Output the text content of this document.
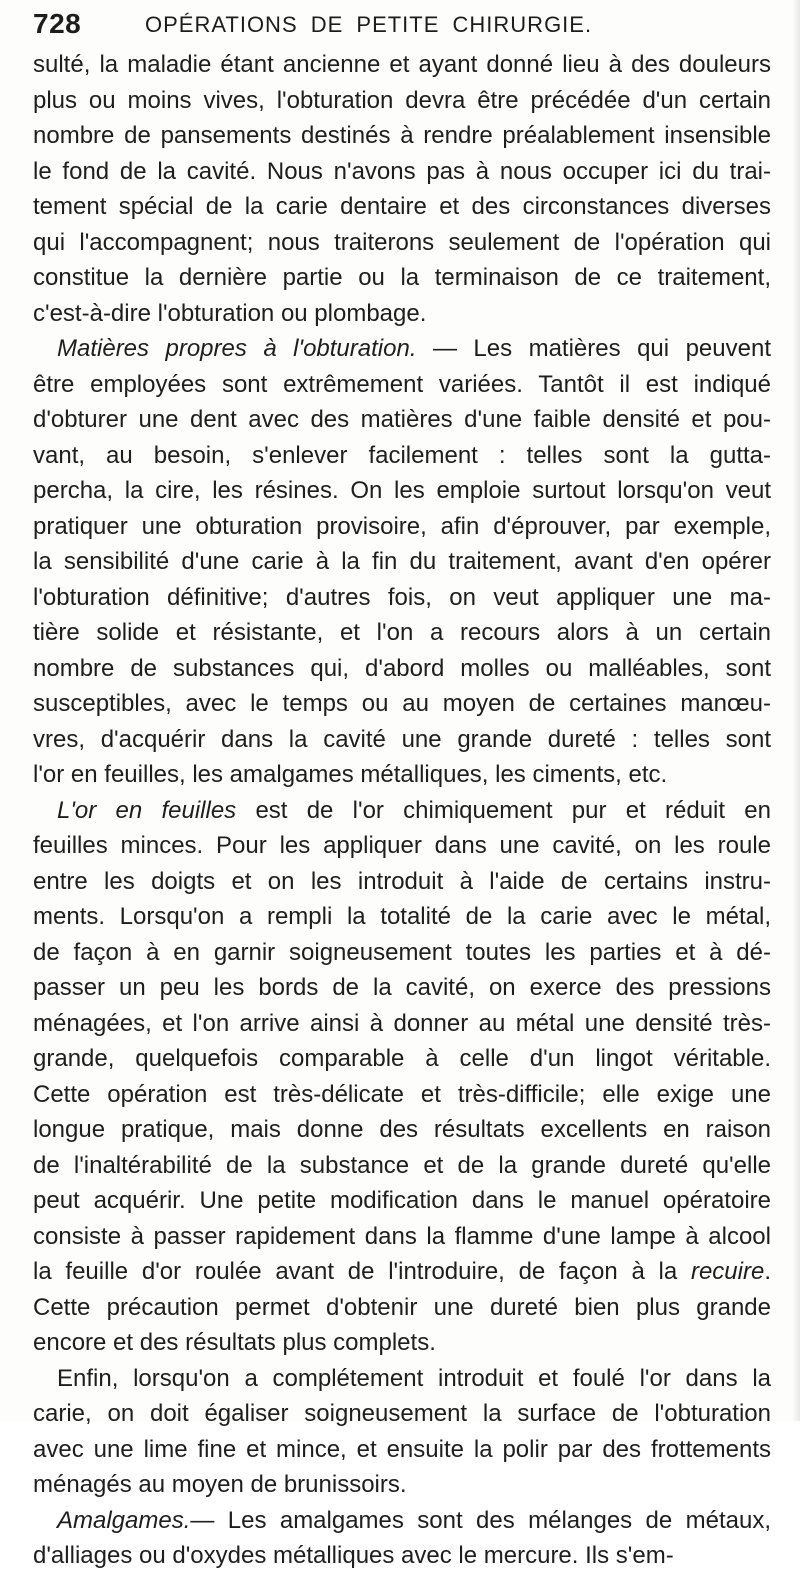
728	OPÉRATIONS DE PETITE CHIRURGIE.
sulté, la maladie étant ancienne et ayant donné lieu à des douleurs
plus ou moins vives, l'obturation devra être précédée d'un certain
nombre de pansements destinés à rendre préalablement insensible
le fond de la cavité. Nous n'avons pas à nous occuper ici du trai-
tement spécial de la carie dentaire et des circonstances diverses
qui l'accompagnent; nous traiterons seulement de l'opération qui
constitue la dernière partie ou la terminaison de ce traitement,
c'est-à-dire l'obturation ou plombage.
Matières propres à l'obturation. — Les matières qui peuvent
être employées sont extrêmement variées. Tantôt il est indiqué
d'obturer une dent avec des matières d'une faible densité et pou-
vant, au besoin, s'enlever facilement : telles sont la gutta-
percha, la cire, les résines. On les emploie surtout lorsqu'on veut
pratiquer une obturation provisoire, afin d'éprouver, par exemple,
la sensibilité d'une carie à la fin du traitement, avant d'en opérer
l'obturation définitive; d'autres fois, on veut appliquer une ma-
tière solide et résistante, et l'on a recours alors à un certain
nombre de substances qui, d'abord molles ou malléables, sont
susceptibles, avec le temps ou au moyen de certaines manœu-
vres, d'acquérir dans la cavité une grande dureté : telles sont
l'or en feuilles, les amalgames métalliques, les ciments, etc.
L'or en feuilles est de l'or chimiquement pur et réduit en
feuilles minces. Pour les appliquer dans une cavité, on les roule
entre les doigts et on les introduit à l'aide de certains instru-
ments. Lorsqu'on a rempli la totalité de la carie avec le métal,
de façon à en garnir soigneusement toutes les parties et à dé-
passer un peu les bords de la cavité, on exerce des pressions
ménagées, et l'on arrive ainsi à donner au métal une densité très-
grande, quelquefois comparable à celle d'un lingot véritable.
Cette opération est très-délicate et très-difficile; elle exige une
longue pratique, mais donne des résultats excellents en raison
de l'inaltérabilité de la substance et de la grande dureté qu'elle
peut acquérir. Une petite modification dans le manuel opératoire
consiste à passer rapidement dans la flamme d'une lampe à alcool
la feuille d'or roulée avant de l'introduire, de façon à la recuire.
Cette précaution permet d'obtenir une dureté bien plus grande
encore et des résultats plus complets.
Enfin, lorsqu'on a complétement introduit et foulé l'or dans la
carie, on doit égaliser soigneusement la surface de l'obturation
avec une lime fine et mince, et ensuite la polir par des frottements
ménagés au moyen de brunissoirs.
Amalgames.— Les amalgames sont des mélanges de métaux,
d'alliages ou d'oxydes métalliques avec le mercure. Ils s'em-
